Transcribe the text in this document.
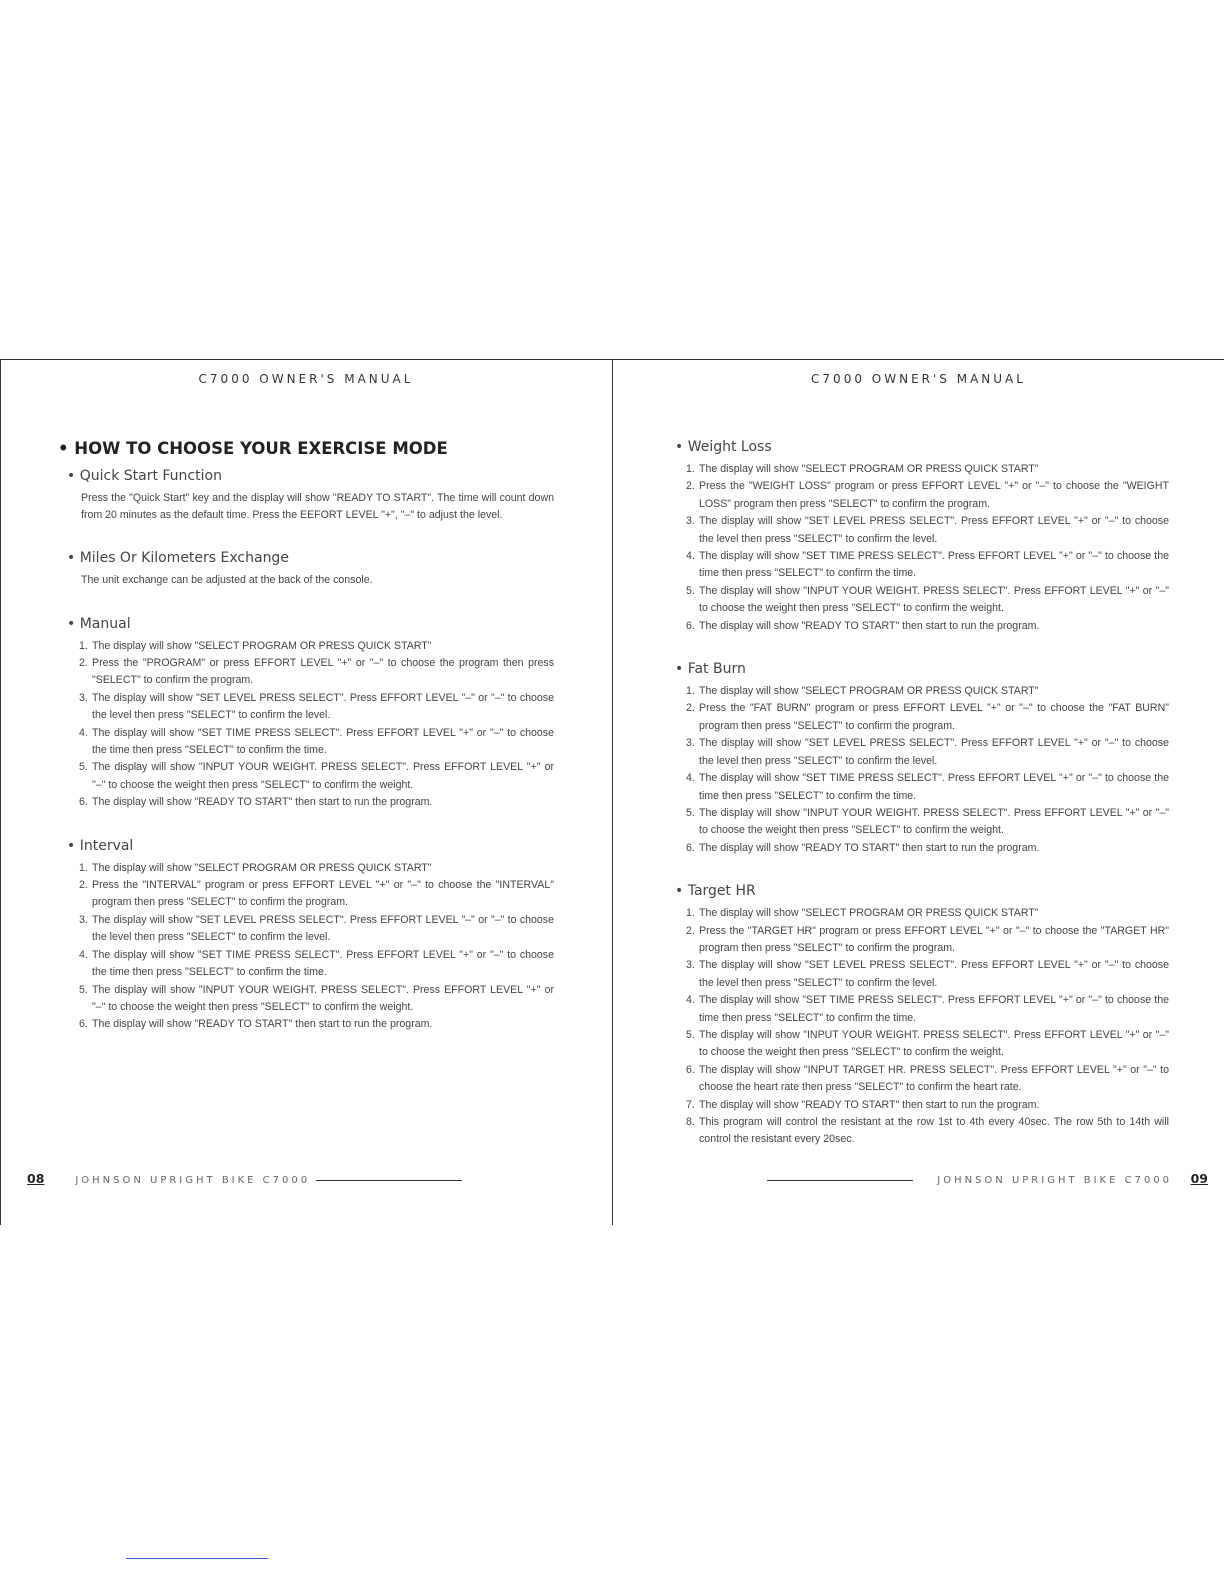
C7000 OWNER'S MANUAL
• HOW TO CHOOSE YOUR EXERCISE MODE
• Quick Start Function
Press the "Quick Start" key and the display will show "READY TO START". The time will count down from 20 minutes as the default time. Press the EEFORT LEVEL "+", "–" to adjust the level.
• Miles Or Kilometers Exchange
The unit exchange can be adjusted at the back of the console.
• Manual
1. The display will show "SELECT PROGRAM OR PRESS QUICK START"
2. Press the "PROGRAM" or press EFFORT LEVEL "+" or "–" to choose the program then press "SELECT" to confirm the program.
3. The display will show "SET LEVEL PRESS SELECT". Press EFFORT LEVEL "–" or "–" to choose the level then press "SELECT" to confirm the level.
4. The display will show "SET TIME PRESS SELECT". Press EFFORT LEVEL "+" or "–" to choose the time then press "SELECT" to confirm the time.
5. The display will show "INPUT YOUR WEIGHT. PRESS SELECT". Press EFFORT LEVEL "+" or "–" to choose the weight then press "SELECT" to confirm the weight.
6. The display will show "READY TO START" then start to run the program.
• Interval
1. The display will show "SELECT PROGRAM OR PRESS QUICK START"
2. Press the "INTERVAL" program or press EFFORT LEVEL "+" or "–" to choose the "INTERVAL" program then press "SELECT" to confirm the program.
3. The display will show "SET LEVEL PRESS SELECT". Press EFFORT LEVEL "–" or "–" to choose the level then press "SELECT" to confirm the level.
4. The display will show "SET TIME PRESS SELECT". Press EFFORT LEVEL "+" or "–" to choose the time then press "SELECT" to confirm the time.
5. The display will show "INPUT YOUR WEIGHT. PRESS SELECT". Press EFFORT LEVEL "+" or "–" to choose the weight then press "SELECT" to confirm the weight.
6. The display will show "READY TO START" then start to run the program.
08	JOHNSON UPRIGHT BIKE C7000
C7000 OWNER'S MANUAL
• Weight Loss
1. The display will show "SELECT PROGRAM OR PRESS QUICK START"
2. Press the "WEIGHT LOSS" program or press EFFORT LEVEL "+" or "–" to choose the "WEIGHT LOSS" program then press "SELECT" to confirm the program.
3. The display will show "SET LEVEL PRESS SELECT". Press EFFORT LEVEL "+" or "–" to choose the level then press "SELECT" to confirm the level.
4. The display will show "SET TIME PRESS SELECT". Press EFFORT LEVEL "+" or "–" to choose the time then press "SELECT" to confirm the time.
5. The display will show "INPUT YOUR WEIGHT. PRESS SELECT". Press EFFORT LEVEL "+" or "–" to choose the weight then press "SELECT" to confirm the weight.
6. The display will show "READY TO START" then start to run the program.
• Fat Burn
1. The display will show "SELECT PROGRAM OR PRESS QUICK START"
2. Press the "FAT BURN" program or press EFFORT LEVEL "+" or "–" to choose the "FAT BURN" program then press "SELECT" to confirm the program.
3. The display will show "SET LEVEL PRESS SELECT". Press EFFORT LEVEL "+" or "–" to choose the level then press "SELECT" to confirm the level.
4. The display will show "SET TIME PRESS SELECT". Press EFFORT LEVEL "+" or "–" to choose the time then press "SELECT" to confirm the time.
5. The display will show "INPUT YOUR WEIGHT. PRESS SELECT". Press EFFORT LEVEL "+" or "–" to choose the weight then press "SELECT" to confirm the weight.
6. The display will show "READY TO START" then start to run the program.
• Target HR
1. The display will show "SELECT PROGRAM OR PRESS QUICK START"
2. Press the "TARGET HR" program or press EFFORT LEVEL "+" or "–" to choose the "TARGET HR" program then press "SELECT" to confirm the program.
3. The display will show "SET LEVEL PRESS SELECT". Press EFFORT LEVEL "+" or "–" to choose the level then press "SELECT" to confirm the level.
4. The display will show "SET TIME PRESS SELECT". Press EFFORT LEVEL "+" or "–" to choose the time then press "SELECT" to confirm the time.
5. The display will show "INPUT YOUR WEIGHT. PRESS SELECT". Press EFFORT LEVEL "+" or "–" to choose the weight then press "SELECT" to confirm the weight.
6. The display will show "INPUT TARGET HR. PRESS SELECT". Press EFFORT LEVEL "+" or "–" to choose the heart rate then press "SELECT" to confirm the heart rate.
7. The display will show "READY TO START" then start to run the program.
8. This program will control the resistant at the row 1st to 4th every 40sec. The row 5th to 14th will control the resistant every 20sec.
JOHNSON UPRIGHT BIKE C7000 09
